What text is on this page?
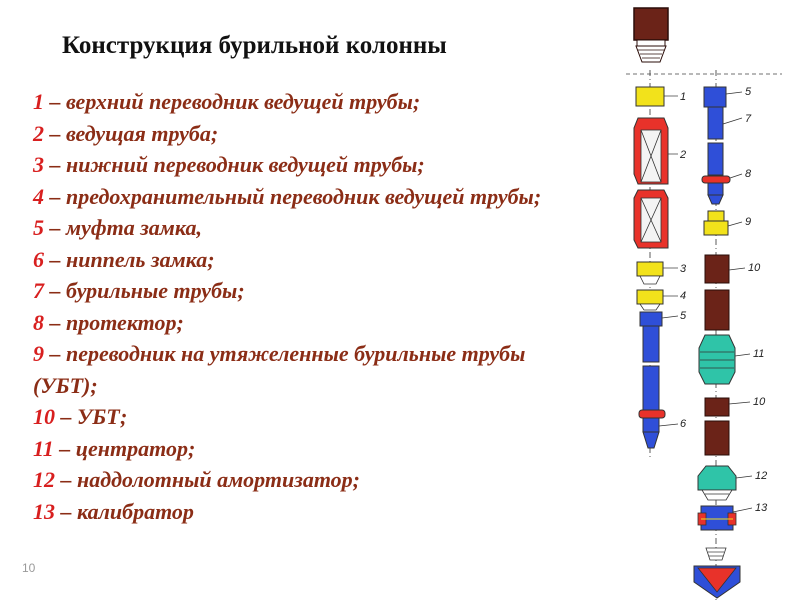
Конструкция бурильной колонны
1 – верхний переводник ведущей трубы;
2 – ведущая труба;
3 – нижний переводник ведущей трубы;
4 – предохранительный переводник ведущей трубы;
5 – муфта замка,
6 – ниппель замка;
7 – бурильные трубы;
8 – протектор;
9 – переводник на утяжеленные бурильные трубы (УБТ);
10 – УБТ;
11 – центратор;
12 – наддолотный амортизатор;
13 – калибратор
10
1
2
3
4
5
6
5
7
8
9
10
11
10
12
13
